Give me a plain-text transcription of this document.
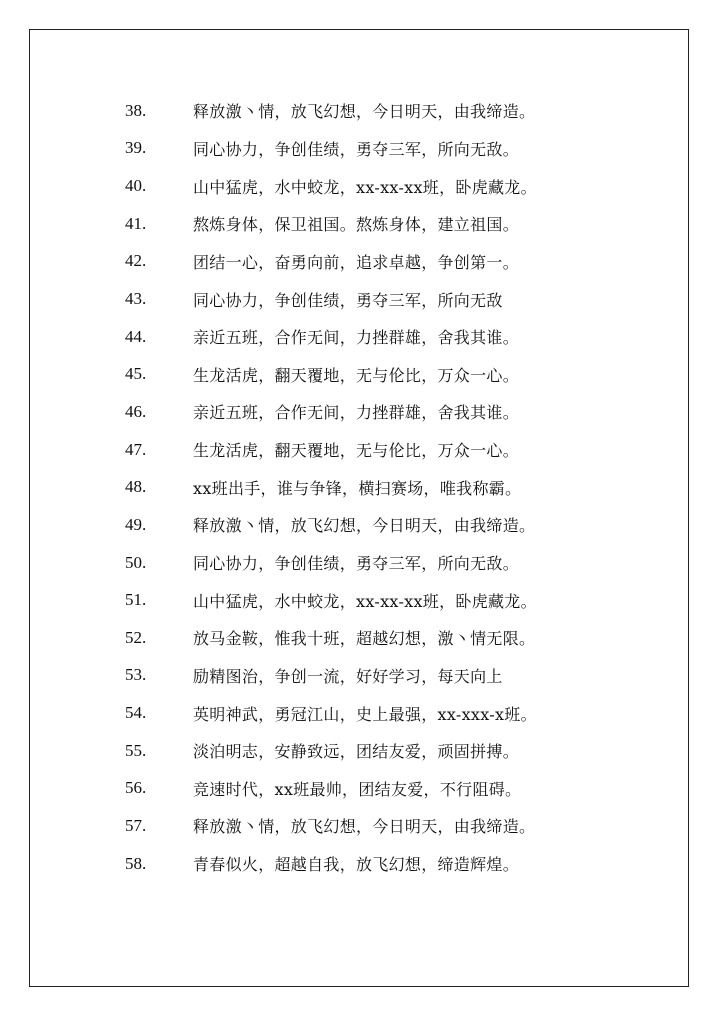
38.	释放激丶情，放飞幻想，今日明天，由我缔造。
39.	同心协力，争创佳绩，勇夺三军，所向无敌。
40.	山中猛虎，水中蛟龙，xx-xx-xx班，卧虎藏龙。
41.	熬炼身体，保卫祖国。熬炼身体，建立祖国。
42.	团结一心，奋勇向前，追求卓越，争创第一。
43.	同心协力，争创佳绩，勇夺三军，所向无敌
44.	亲近五班，合作无间，力挫群雄，舍我其谁。
45.	生龙活虎，翻天覆地，无与伦比，万众一心。
46.	亲近五班，合作无间，力挫群雄，舍我其谁。
47.	生龙活虎，翻天覆地，无与伦比，万众一心。
48.	xx班出手，谁与争锋，横扫赛场，唯我称霸。
49.	释放激丶情，放飞幻想，今日明天，由我缔造。
50.	同心协力，争创佳绩，勇夺三军，所向无敌。
51.	山中猛虎，水中蛟龙，xx-xx-xx班，卧虎藏龙。
52.	放马金鞍，惟我十班，超越幻想，激丶情无限。
53.	励精图治，争创一流，好好学习，每天向上
54.	英明神武，勇冠江山，史上最强，xx-xxx-x班。
55.	淡泊明志，安静致远，团结友爱，顽固拼搏。
56.	竞速时代，xx班最帅，团结友爱，不行阻碍。
57.	释放激丶情，放飞幻想，今日明天，由我缔造。
58.	青春似火，超越自我，放飞幻想，缔造辉煌。
